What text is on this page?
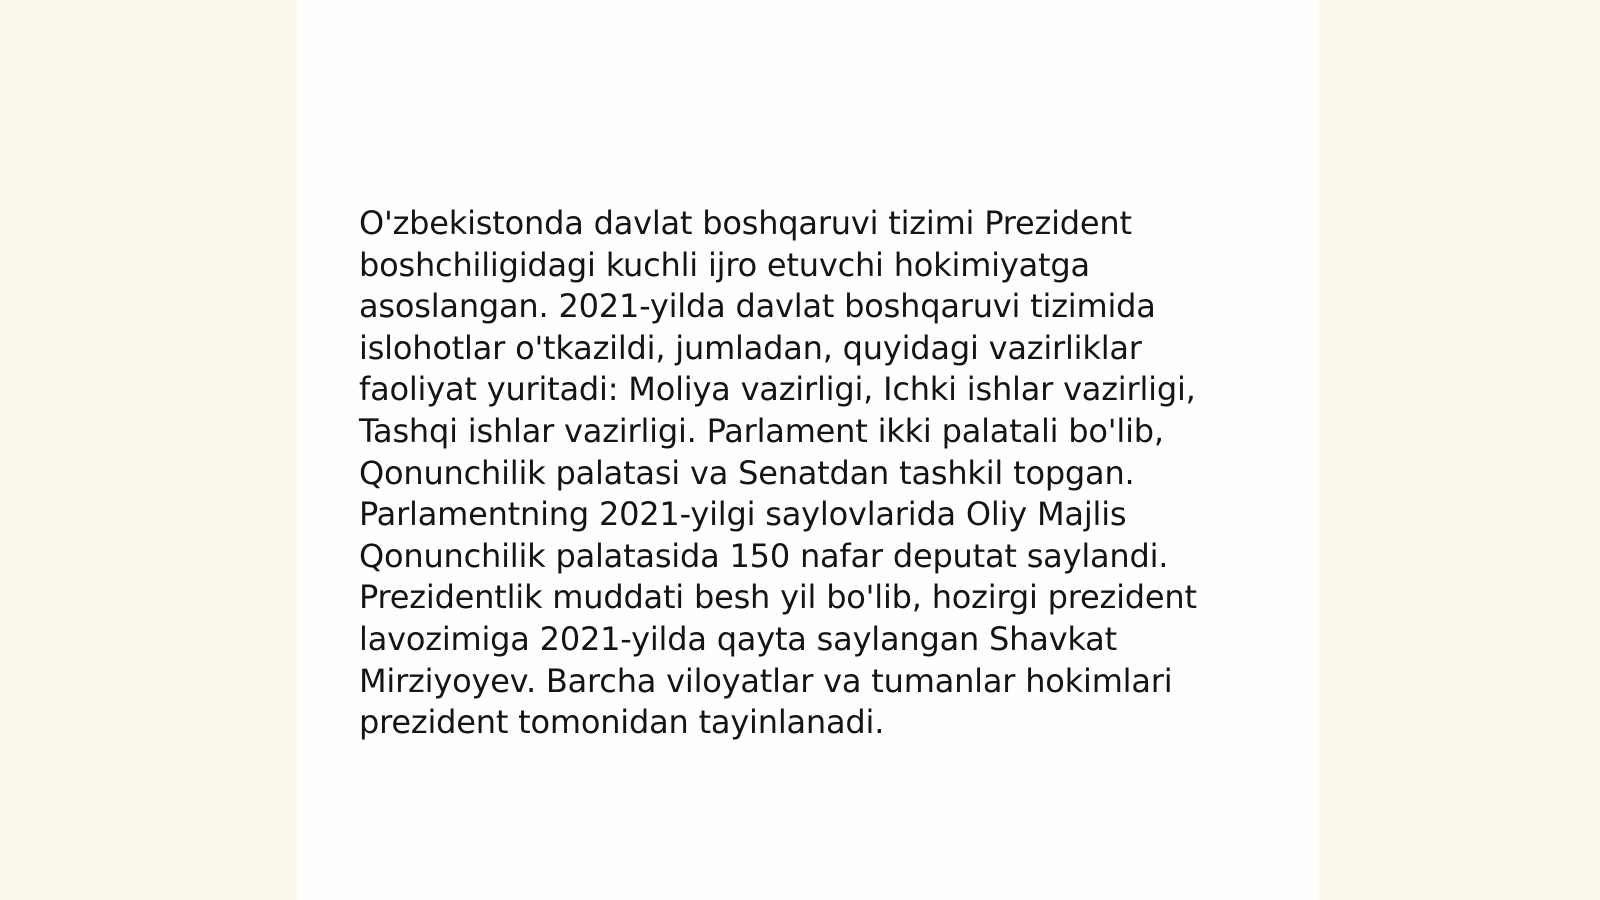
O'zbekistonda davlat boshqaruvi tizimi Prezident
boshchiligidagi kuchli ijro etuvchi hokimiyatga
asoslangan. 2021-yilda davlat boshqaruvi tizimida
islohotlar o'tkazildi, jumladan, quyidagi vazirliklar
faoliyat yuritadi: Moliya vazirligi, Ichki ishlar vazirligi,
Tashqi ishlar vazirligi. Parlament ikki palatali bo'lib,
Qonunchilik palatasi va Senatdan tashkil topgan.
Parlamentning 2021-yilgi saylovlarida Oliy Majlis
Qonunchilik palatasida 150 nafar deputat saylandi.
Prezidentlik muddati besh yil bo'lib, hozirgi prezident
lavozimiga 2021-yilda qayta saylangan Shavkat
Mirziyoyev. Barcha viloyatlar va tumanlar hokimlari
prezident tomonidan tayinlanadi.
